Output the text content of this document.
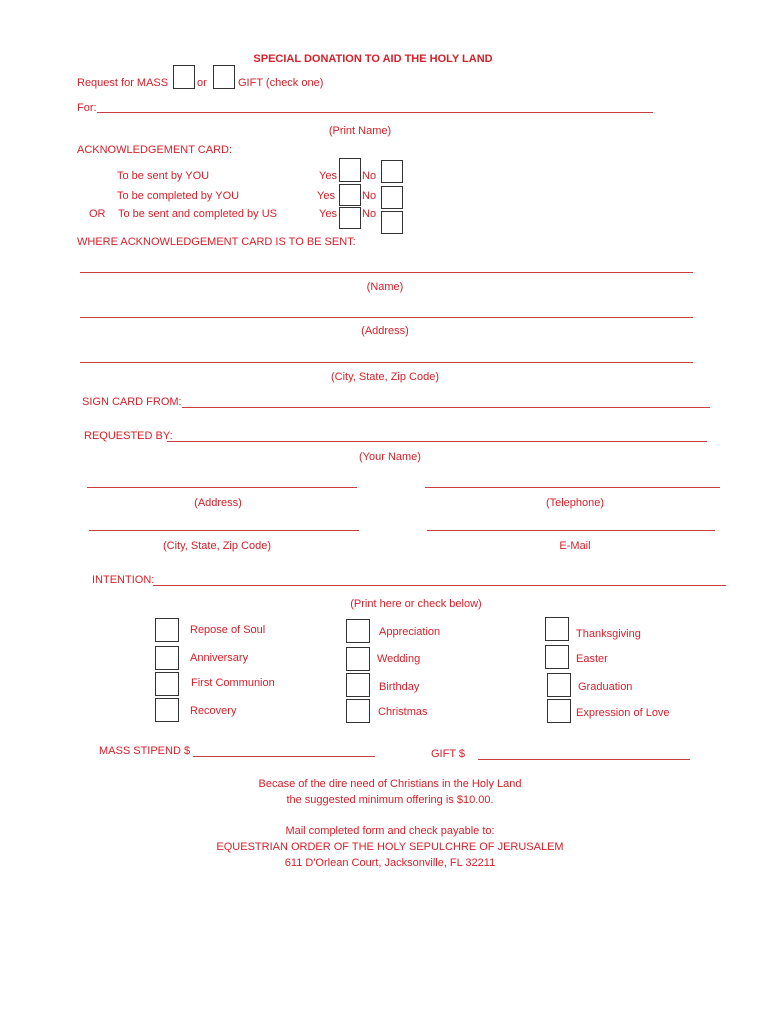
SPECIAL DONATION TO AID THE HOLY LAND
Request for MASS	or	GIFT (check one)
For:
(Print Name)
ACKNOWLEDGEMENT CARD:
To be sent by YOU	Yes No
To be completed by YOU	Yes No
OR To be sent and completed by US	Yes No
WHERE ACKNOWLEDGEMENT CARD IS TO BE SENT:
(Name)
(Address)
(City, State, Zip Code)
SIGN CARD FROM:
REQUESTED BY:
(Your Name)
(Address)	(Telephone)
(City, State, Zip Code)	E-Mail
INTENTION:
(Print here or check below)
Repose of Soul	Appreciation	Thanksgiving
Anniversary	Wedding	Easter
First Communion	Birthday	Graduation
Recovery	Christmas	Expression of Love
MASS STIPEND $	GIFT $
Becase of the dire need of Christians in the Holy Land
the suggested minimum offering is $10.00.
Mail completed form and check payable to:
EQUESTRIAN ORDER OF THE HOLY SEPULCHRE OF JERUSALEM
611 D'Orlean Court, Jacksonville, FL 32211
